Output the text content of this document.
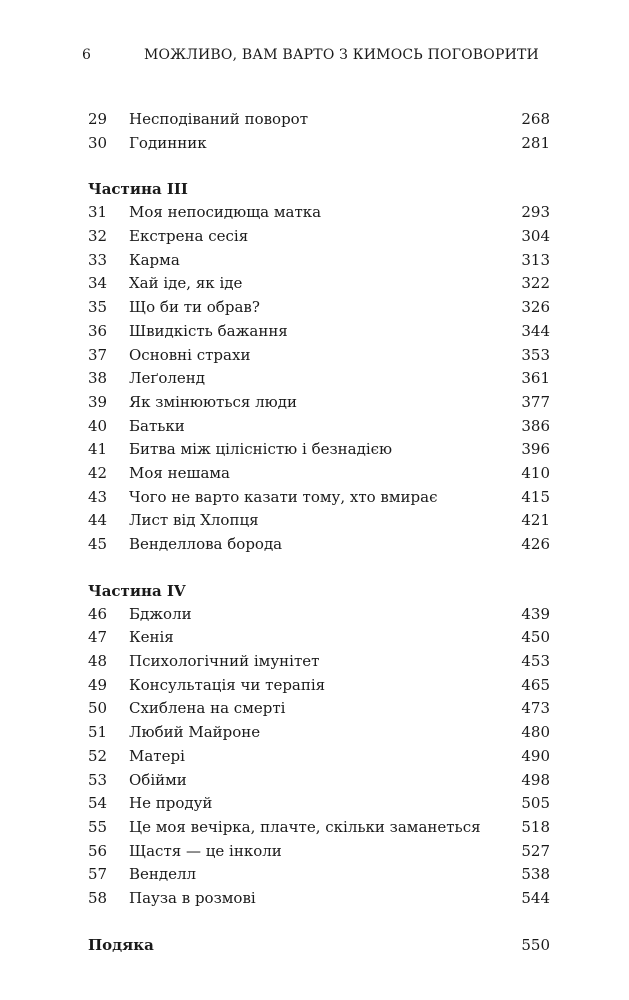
6	МОЖЛИВО, ВАМ ВАРТО З КИМОСЬ ПОГОВОРИТИ
29 Несподіваний поворот	268
30 Годинник	281
Частина III
31 Моя непосидюща матка	293
32 Екстрена сесія	304
33 Карма	313
34 Хай іде, як іде	322
35 Що би ти обрав?	326
36 Швидкість бажання	344
37 Основні страхи	353
38 Леґоленд	361
39 Як змінюються люди	377
40 Батьки	386
41 Битва між цілісністю і безнадією	396
42 Моя нешама	410
43 Чого не варто казати тому, хто вмирає	415
44 Лист від Хлопця	421
45 Венделлова борода	426
Частина IV
46 Бджоли	439
47 Кенія	450
48 Психологічний імунітет	453
49 Консультація чи терапія	465
50 Схиблена на смерті	473
51 Любий Майроне	480
52 Матері	490
53 Обійми	498
54 Не продуй	505
55 Це моя вечірка, плачте, скільки заманеться	518
56 Щастя — це інколи	527
57 Венделл	538
58 Пауза в розмові	544
Подяка	550
